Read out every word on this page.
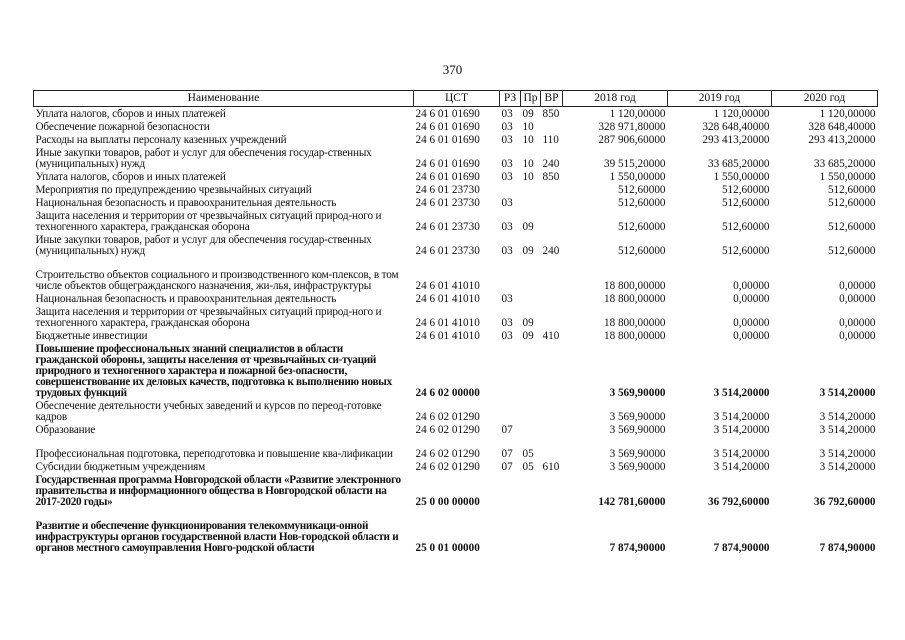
370
Наименование	ЦСТ	РЗ	Пр	ВР	2018 год	2019 год	2020 год
Уплата налогов, сборов и иных платежей	24 6 01 01690	03	09	850	1 120,00000	1 120,00000	1 120,00000
Обеспечение пожарной безопасности	24 6 01 01690	03	10		328 971,80000	328 648,40000	328 648,40000
Расходы на выплаты персоналу казенных учреждений	24 6 01 01690	03	10	110	287 906,60000	293 413,20000	293 413,20000
Иные закупки товаров, работ и услуг для обеспечения государ-ственных (муниципальных) нужд	24 6 01 01690	03	10	240	39 515,20000	33 685,20000	33 685,20000
Уплата налогов, сборов и иных платежей	24 6 01 01690	03	10	850	1 550,00000	1 550,00000	1 550,00000
Мероприятия по предупреждению чрезвычайных ситуаций	24 6 01 23730				512,60000	512,60000	512,60000
Национальная безопасность и правоохранительная деятельность	24 6 01 23730	03			512,60000	512,60000	512,60000
Защита населения и территории от чрезвычайных ситуаций природ-ного и техногенного характера, гражданская оборона	24 6 01 23730	03	09		512,60000	512,60000	512,60000
Иные закупки товаров, работ и услуг для обеспечения государ-ственных (муниципальных) нужд	24 6 01 23730	03	09	240	512,60000	512,60000	512,60000
Строительство объектов социального и производственного ком-плексов, в том числе объектов общегражданского назначения, жи-лья, инфраструктуры	24 6 01 41010				18 800,00000	0,00000	0,00000
Национальная безопасность и правоохранительная деятельность	24 6 01 41010	03			18 800,00000	0,00000	0,00000
Защита населения и территории от чрезвычайных ситуаций природ-ного и техногенного характера, гражданская оборона	24 6 01 41010	03	09		18 800,00000	0,00000	0,00000
Бюджетные инвестиции	24 6 01 41010	03	09	410	18 800,00000	0,00000	0,00000
Повышение профессиональных знаний специалистов в области гражданской обороны, защиты населения от чрезвычайных си-туаций природного и техногенного характера и пожарной без-опасности, совершенствование их деловых качеств, подготовка к выполнению новых трудовых функций	24 6 02 00000				3 569,90000	3 514,20000	3 514,20000
Обеспечение деятельности учебных заведений и курсов по переод-готовке кадров	24 6 02 01290				3 569,90000	3 514,20000	3 514,20000
Образование	24 6 02 01290	07			3 569,90000	3 514,20000	3 514,20000
Профессиональная подготовка, переподготовка и повышение ква-лификации	24 6 02 01290	07	05		3 569,90000	3 514,20000	3 514,20000
Субсидии бюджетным учреждениям	24 6 02 01290	07	05	610	3 569,90000	3 514,20000	3 514,20000
Государственная программа Новгородской области «Развитие электронного правительства и информационного общества в Новгородской области на 2017-2020 годы»	25 0 00 00000				142 781,60000	36 792,60000	36 792,60000
Развитие и обеспечение функционирования телекоммуникаци-онной инфраструктуры органов государственной власти Нов-городской области и органов местного самоуправления Новго-родской области	25 0 01 00000				7 874,90000	7 874,90000	7 874,90000
